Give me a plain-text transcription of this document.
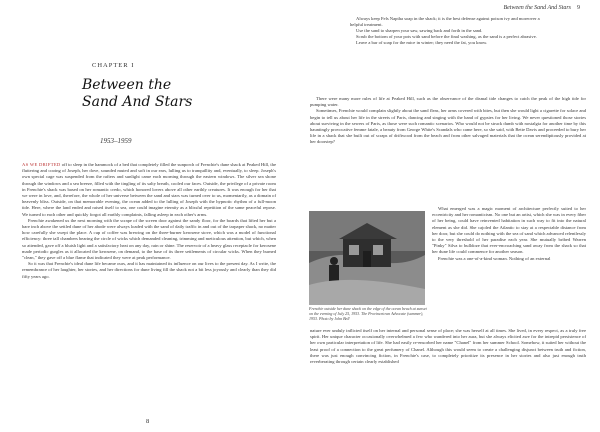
CHAPTER I
Between the
Sand And Stars
1953–1959

AS WE DRIFTED off to sleep in the hammock of a bed that completely filled the sunporch of Frenchie's dune shack at Peaked Hill, the fluttering and cooing of Joseph, her dove, sounded muted and soft in our ears, lulling us to tranquillity and, eventually, to sleep. Joseph's own special cage was suspended from the rafters and sunlight came each morning through the eastern windows. The silver sea shone through the windows and a sea breeze, filled with the tingling of its salty breath, cooled our faces. Outside, the privilege of a private room in Frenchie's shack was based on her romantic credo, which honored lovers above all other earthly creatures. It was enough for her that we were in love, and, therefore, the whole of her universe between the sand and stars was turned over to us, momentarily, as a domain of heavenly bliss. Outside, on that memorable evening, the ocean added to the lulling of Joseph with the hypnotic rhythm of a full-moon tide. Here, where the land ended and raised itself to sea, one could imagine eternity as a blissful repetition of the same peaceful repose. We turned to each other and quickly forgot all earthly complaints, falling asleep in each other's arms.

Frenchie awakened us the next morning with the scrape of the screen door against the sandy floor, for the boards that lifted her but a bare inch above the settled dune of her abode were always loaded with the sand of daily traffic in and out of the tarpaper shack, no matter how carefully she swept the place. A cup of coffee was brewing on the three-burner kerosene stove, which was a model of functional efficiency: three tall chambers bearing the circle of wicks which demanded cleaning, trimming and meticulous attention, but which, when so attended, gave off a bluish light and a satisfactory heat on any day, rain or shine. The reservoir of a heavy glass receptacle for kerosene made periodic gurgles as it allocated the kerosene, on demand, to the base of its three settlements of circular wicks. When they burned "clean," they gave off a blue flame that indicated they were at peak performance.

So it was that Frenchie's ideal dune life became ours, and it has maintained its influence on our lives to the present day. As I write, the remembrance of her laughter, her stories, and her directions for dune living fill the shack not a bit less joyously and clearly than they did fifty years ago.

8
Between the Sand And Stars 9

Always keep Fels Naptha soap in the shack; it is the best defense against poison ivy and moreover a helpful treatment.

Use the sand to sharpen your saw, sawing back and forth in the sand.

Scrub the bottom of your pots with sand before the final washing, as the sand is a perfect abrasive.

Leave a bar of soap for the mice in winter; they need the fat, you know.

There were many more rules of life at Peaked Hill, such as the observance of the dismal tide changes to catch the peak of the high tide for pumping water.

Sometimes, Frenchie would complain slightly about the sand fleas, her arms covered with bites, but then she would light a cigarette for solace and begin to tell us about her life in the streets of Paris, dancing and singing with the band of gypsies for her living. We never questioned those stories about surviving in the sewers of Paris, as those were such romantic scenarios. Who would not be struck dumb with nostalgia for another time by this hauntingly provocative femme fatale, a beauty from George White's Scandals who came here, so she said, with Bette Davis and proceeded to bury her life in a shack that she built out of scraps of driftwood from the beach and from other salvaged materials that the ocean serendipitously provided at her doorstep?

Frenchie outside her dune shack on the edge of the ocean beach at sunset on the evening of July 25, 1953. The Provincetown Advocate (summer), 1953. Photo by John Bell

What emerged was a magic moment of architecture perfectly suited to her eccentricity and her romanticism. No one but an artist, which she was in every fiber of her being, could have reinvented habitation in such way to fit into the natural element as she did. She cajoled the Atlantic to stay at a respectable distance from her door, but she could do nothing with the sea of sand which advanced relentlessly to the very threshold of her paradise each year. She mutually bribed Warren "Pinky" Silva to bulldoze that ever-encroaching sand away from the shack so that her dune life could commence for another season.

Frenchie was a one-of-a-kind woman. Nothing of an external

nature ever unduly inflicted itself on her internal and personal sense of place; she was herself at all times. She lived, in every respect, as a truly free spirit. Her unique character occasionally overwhelmed a few who wandered into her aura, but she always elicited awe for the intrepid persistence of her own particular interpretation of life. She had easily re-ensorbed her name "Chanel" from her summer School. Somehow, it suited her without the least proof of a connection to the great perfumery of Chanel. Although this would seem to create a challenging disjunct between truth and fiction, there was just enough convincing fiction, in Frenchie's case, to completely prioritize its presence in her stories and also just enough truth reverberating through certain clearly established
